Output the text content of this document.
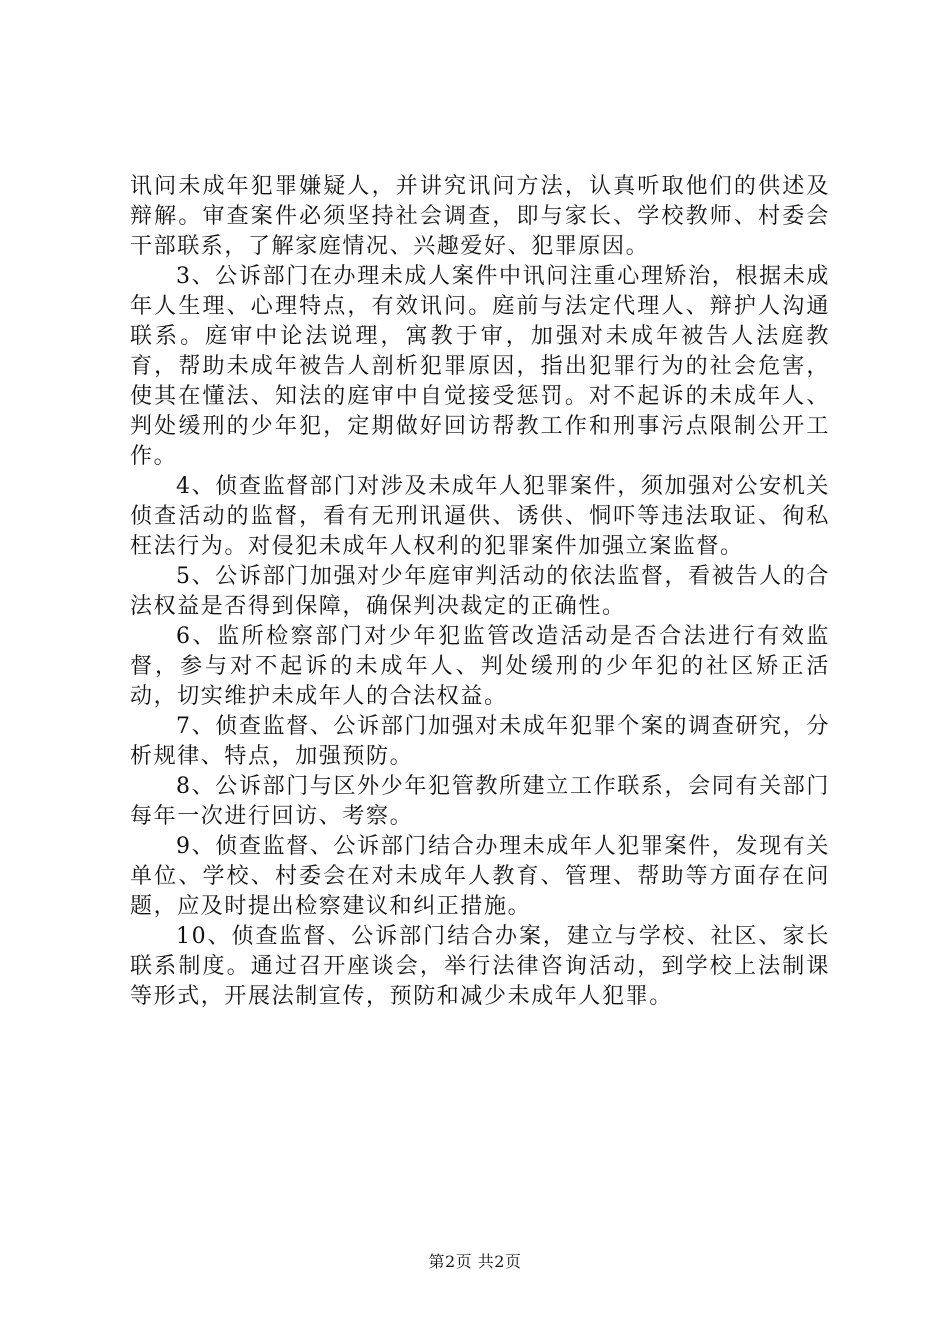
讯问未成年犯罪嫌疑人，并讲究讯问方法，认真听取他们的供述及辩解。审查案件必须坚持社会调查，即与家长、学校教师、村委会干部联系，了解家庭情况、兴趣爱好、犯罪原因。

3、公诉部门在办理未成人案件中讯问注重心理矫治，根据未成年人生理、心理特点，有效讯问。庭前与法定代理人、辩护人沟通联系。庭审中论法说理，寓教于审，加强对未成年被告人法庭教育，帮助未成年被告人剖析犯罪原因，指出犯罪行为的社会危害，使其在懂法、知法的庭审中自觉接受惩罚。对不起诉的未成年人、判处缓刑的少年犯，定期做好回访帮教工作和刑事污点限制公开工作。

4、侦查监督部门对涉及未成年人犯罪案件，须加强对公安机关侦查活动的监督，看有无刑讯逼供、诱供、恫吓等违法取证、徇私枉法行为。对侵犯未成年人权利的犯罪案件加强立案监督。

5、公诉部门加强对少年庭审判活动的依法监督，看被告人的合法权益是否得到保障，确保判决裁定的正确性。

6、监所检察部门对少年犯监管改造活动是否合法进行有效监督，参与对不起诉的未成年人、判处缓刑的少年犯的社区矫正活动，切实维护未成年人的合法权益。

7、侦查监督、公诉部门加强对未成年犯罪个案的调查研究，分析规律、特点，加强预防。

8、公诉部门与区外少年犯管教所建立工作联系，会同有关部门每年一次进行回访、考察。

9、侦查监督、公诉部门结合办理未成年人犯罪案件，发现有关单位、学校、村委会在对未成年人教育、管理、帮助等方面存在问题，应及时提出检察建议和纠正措施。

10、侦查监督、公诉部门结合办案，建立与学校、社区、家长联系制度。通过召开座谈会，举行法律咨询活动，到学校上法制课等形式，开展法制宣传，预防和减少未成年人犯罪。

第2页 共2页
